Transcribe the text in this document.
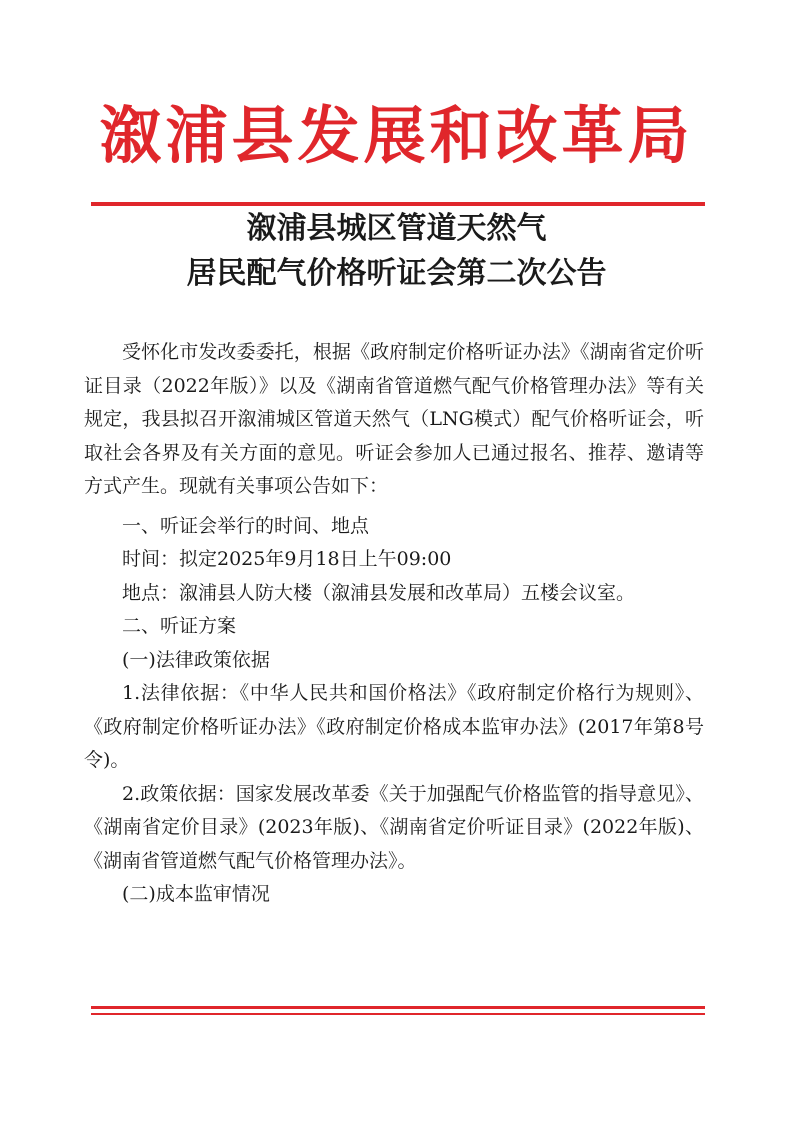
溆浦县发展和改革局
溆浦县城区管道天然气
居民配气价格听证会第二次公告

受怀化市发改委委托，根据《政府制定价格听证办法》《湖南省定价听证目录（2022年版）》以及《湖南省管道燃气配气价格管理办法》等有关规定，我县拟召开溆浦城区管道天然气（LNG模式）配气价格听证会，听取社会各界及有关方面的意见。听证会参加人已通过报名、推荐、邀请等方式产生。现就有关事项公告如下：

一、听证会举行的时间、地点

时间：拟定2025年9月18日上午09:00

地点：溆浦县人防大楼（溆浦县发展和改革局）五楼会议室。

二、听证方案

(一)法律政策依据

1.法律依据：《中华人民共和国价格法》《政府制定价格行为规则》、《政府制定价格听证办法》《政府制定价格成本监审办法》(2017年第8号令)。

2.政策依据：国家发展改革委《关于加强配气价格监管的指导意见》、《湖南省定价目录》(2023年版)、《湖南省定价听证目录》(2022年版)、《湖南省管道燃气配气价格管理办法》。

(二)成本监审情况
